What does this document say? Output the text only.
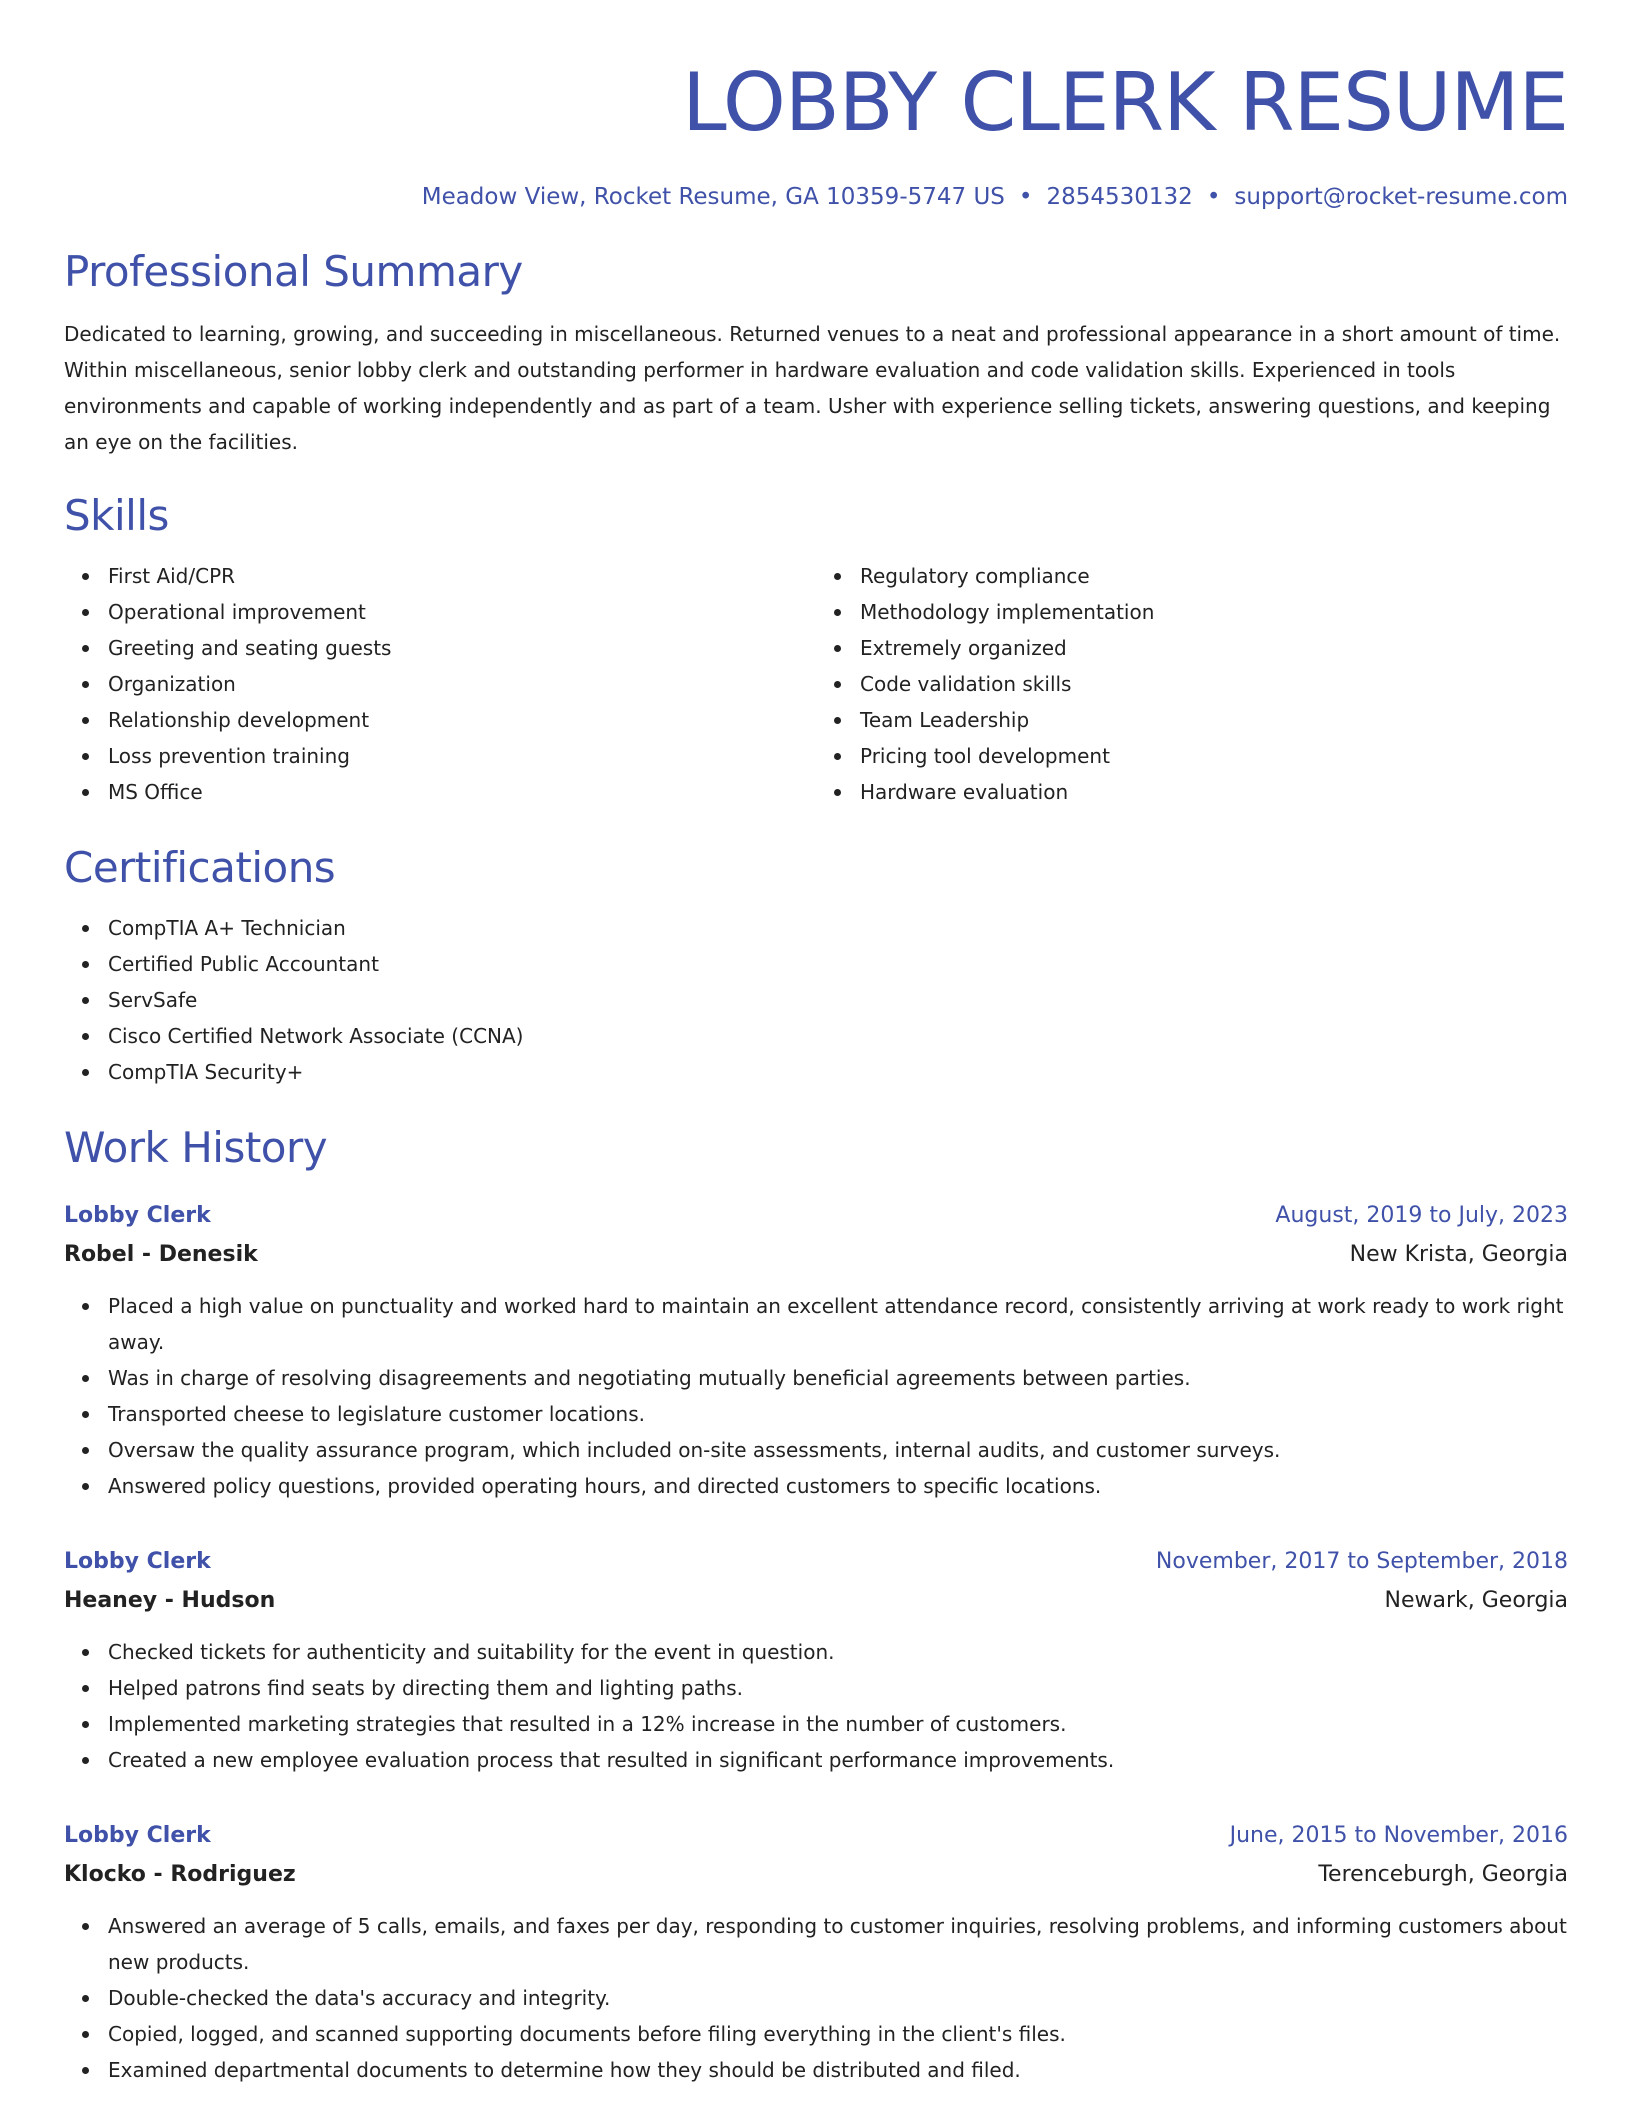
LOBBY CLERK RESUME
Meadow View, Rocket Resume, GA 10359-5747 US • 2854530132 • support@rocket-resume.com
Professional Summary

Dedicated to learning, growing, and succeeding in miscellaneous. Returned venues to a neat and professional appearance in a short amount of time. Within miscellaneous, senior lobby clerk and outstanding performer in hardware evaluation and code validation skills. Experienced in tools environments and capable of working independently and as part of a team. Usher with experience selling tickets, answering questions, and keeping an eye on the facilities.

Skills
First Aid/CPR
Operational improvement
Greeting and seating guests
Organization
Relationship development
Loss prevention training
MS Office
Regulatory compliance
Methodology implementation
Extremely organized
Code validation skills
Team Leadership
Pricing tool development
Hardware evaluation
Certifications
CompTIA A+ Technician
Certified Public Accountant
ServSafe
Cisco Certified Network Associate (CCNA)
CompTIA Security+
Work History
Lobby Clerk	August, 2019 to July, 2023
Robel - Denesik	New Krista, Georgia
Placed a high value on punctuality and worked hard to maintain an excellent attendance record, consistently arriving at work ready to work right away.
Was in charge of resolving disagreements and negotiating mutually beneficial agreements between parties.
Transported cheese to legislature customer locations.
Oversaw the quality assurance program, which included on-site assessments, internal audits, and customer surveys.
Answered policy questions, provided operating hours, and directed customers to specific locations.
Lobby Clerk	November, 2017 to September, 2018
Heaney - Hudson	Newark, Georgia
Checked tickets for authenticity and suitability for the event in question.
Helped patrons find seats by directing them and lighting paths.
Implemented marketing strategies that resulted in a 12% increase in the number of customers.
Created a new employee evaluation process that resulted in significant performance improvements.
Lobby Clerk	June, 2015 to November, 2016
Klocko - Rodriguez	Terenceburgh, Georgia
Answered an average of 5 calls, emails, and faxes per day, responding to customer inquiries, resolving problems, and informing customers about new products.
Double-checked the data's accuracy and integrity.
Copied, logged, and scanned supporting documents before filing everything in the client's files.
Examined departmental documents to determine how they should be distributed and filed.
